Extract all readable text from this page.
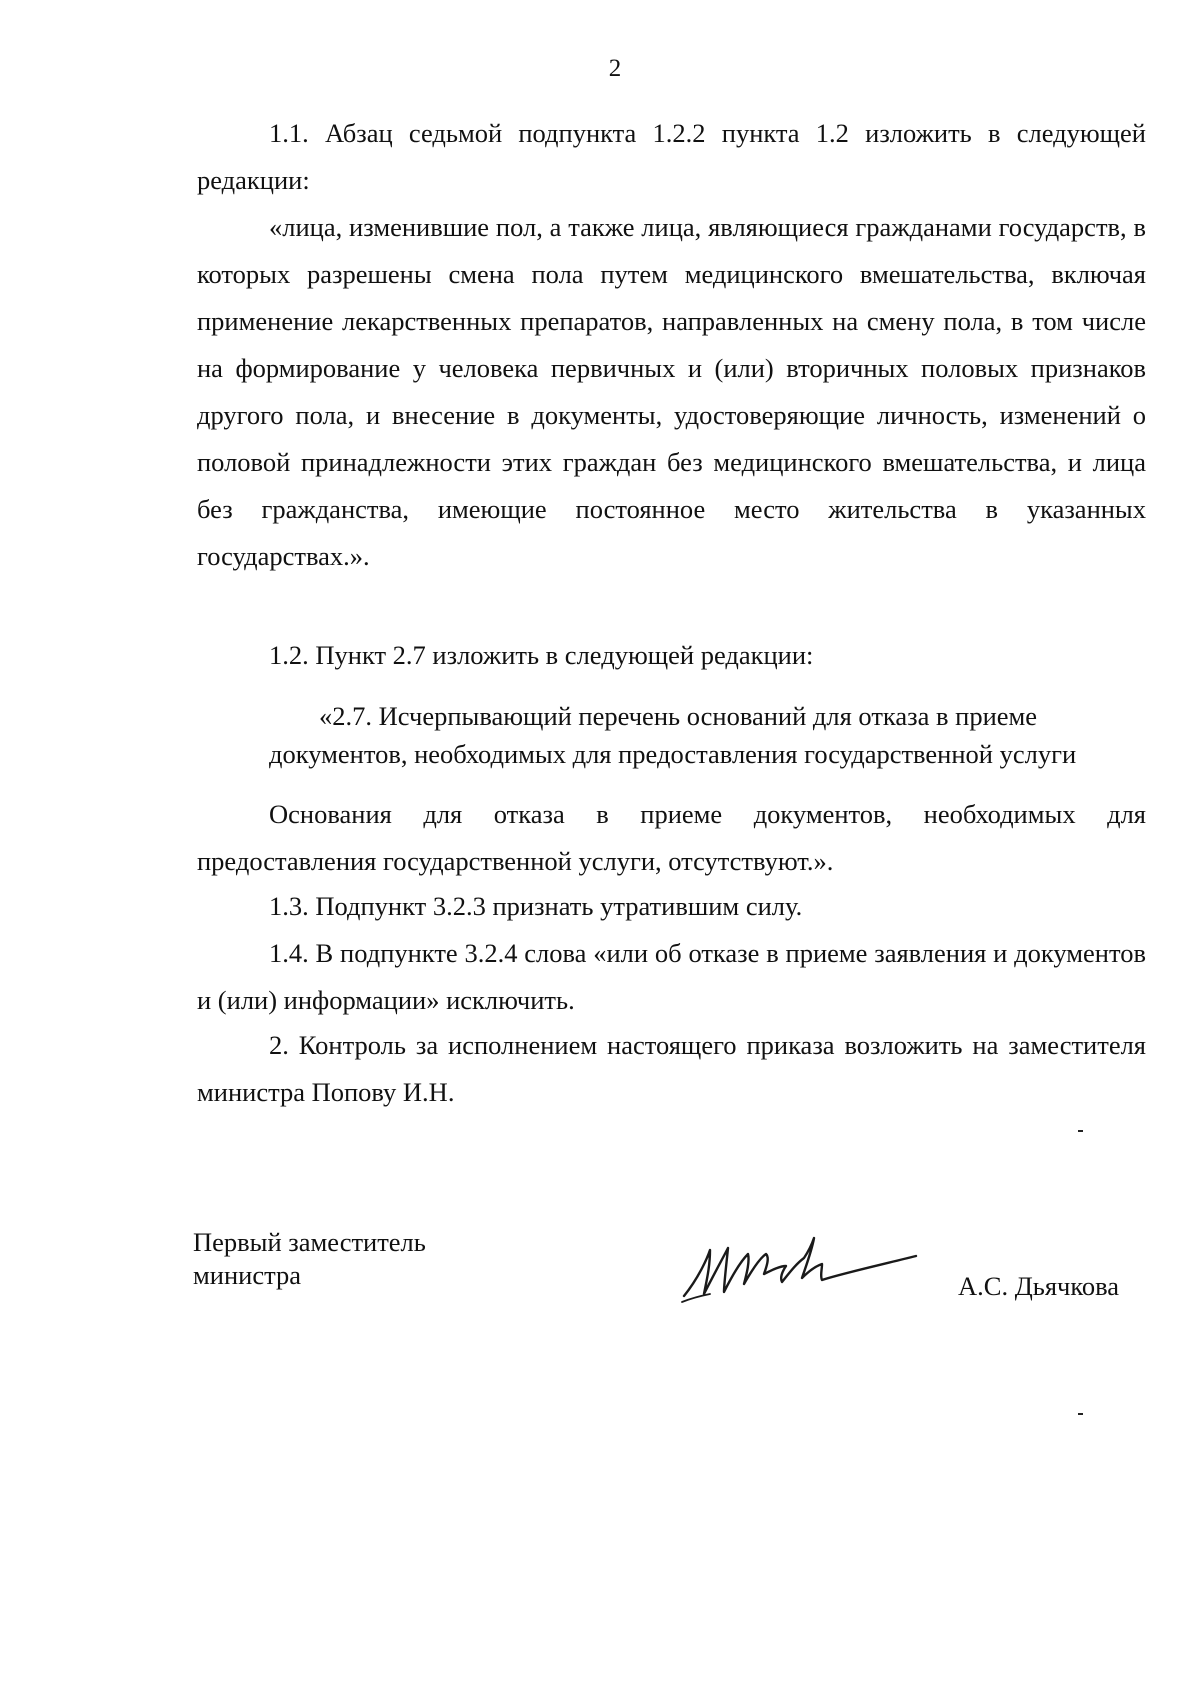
2

1.1. Абзац седьмой подпункта 1.2.2 пункта 1.2 изложить в следующей редакции:

«лица, изменившие пол, а также лица, являющиеся гражданами государств, в которых разрешены смена пола путем медицинского вмешательства, включая применение лекарственных препаратов, направленных на смену пола, в том числе на формирование у человека первичных и (или) вторичных половых признаков другого пола, и внесение в документы, удостоверяющие личность, изменений о половой принадлежности этих граждан без медицинского вмешательства, и лица без гражданства, имеющие постоянное место жительства в указанных государствах.».

1.2. Пункт 2.7 изложить в следующей редакции:

«2.7. Исчерпывающий перечень оснований для отказа в приеме
документов, необходимых для предоставления государственной услуги

Основания для отказа в приеме документов, необходимых для предоставления государственной услуги, отсутствуют.».

1.3. Подпункт 3.2.3 признать утратившим силу.

1.4. В подпункте 3.2.4 слова «или об отказе в приеме заявления и документов и (или) информации» исключить.

2. Контроль за исполнением настоящего приказа возложить на заместителя министра Попову И.Н.

Первый заместитель
министра	А.С. Дьячкова
